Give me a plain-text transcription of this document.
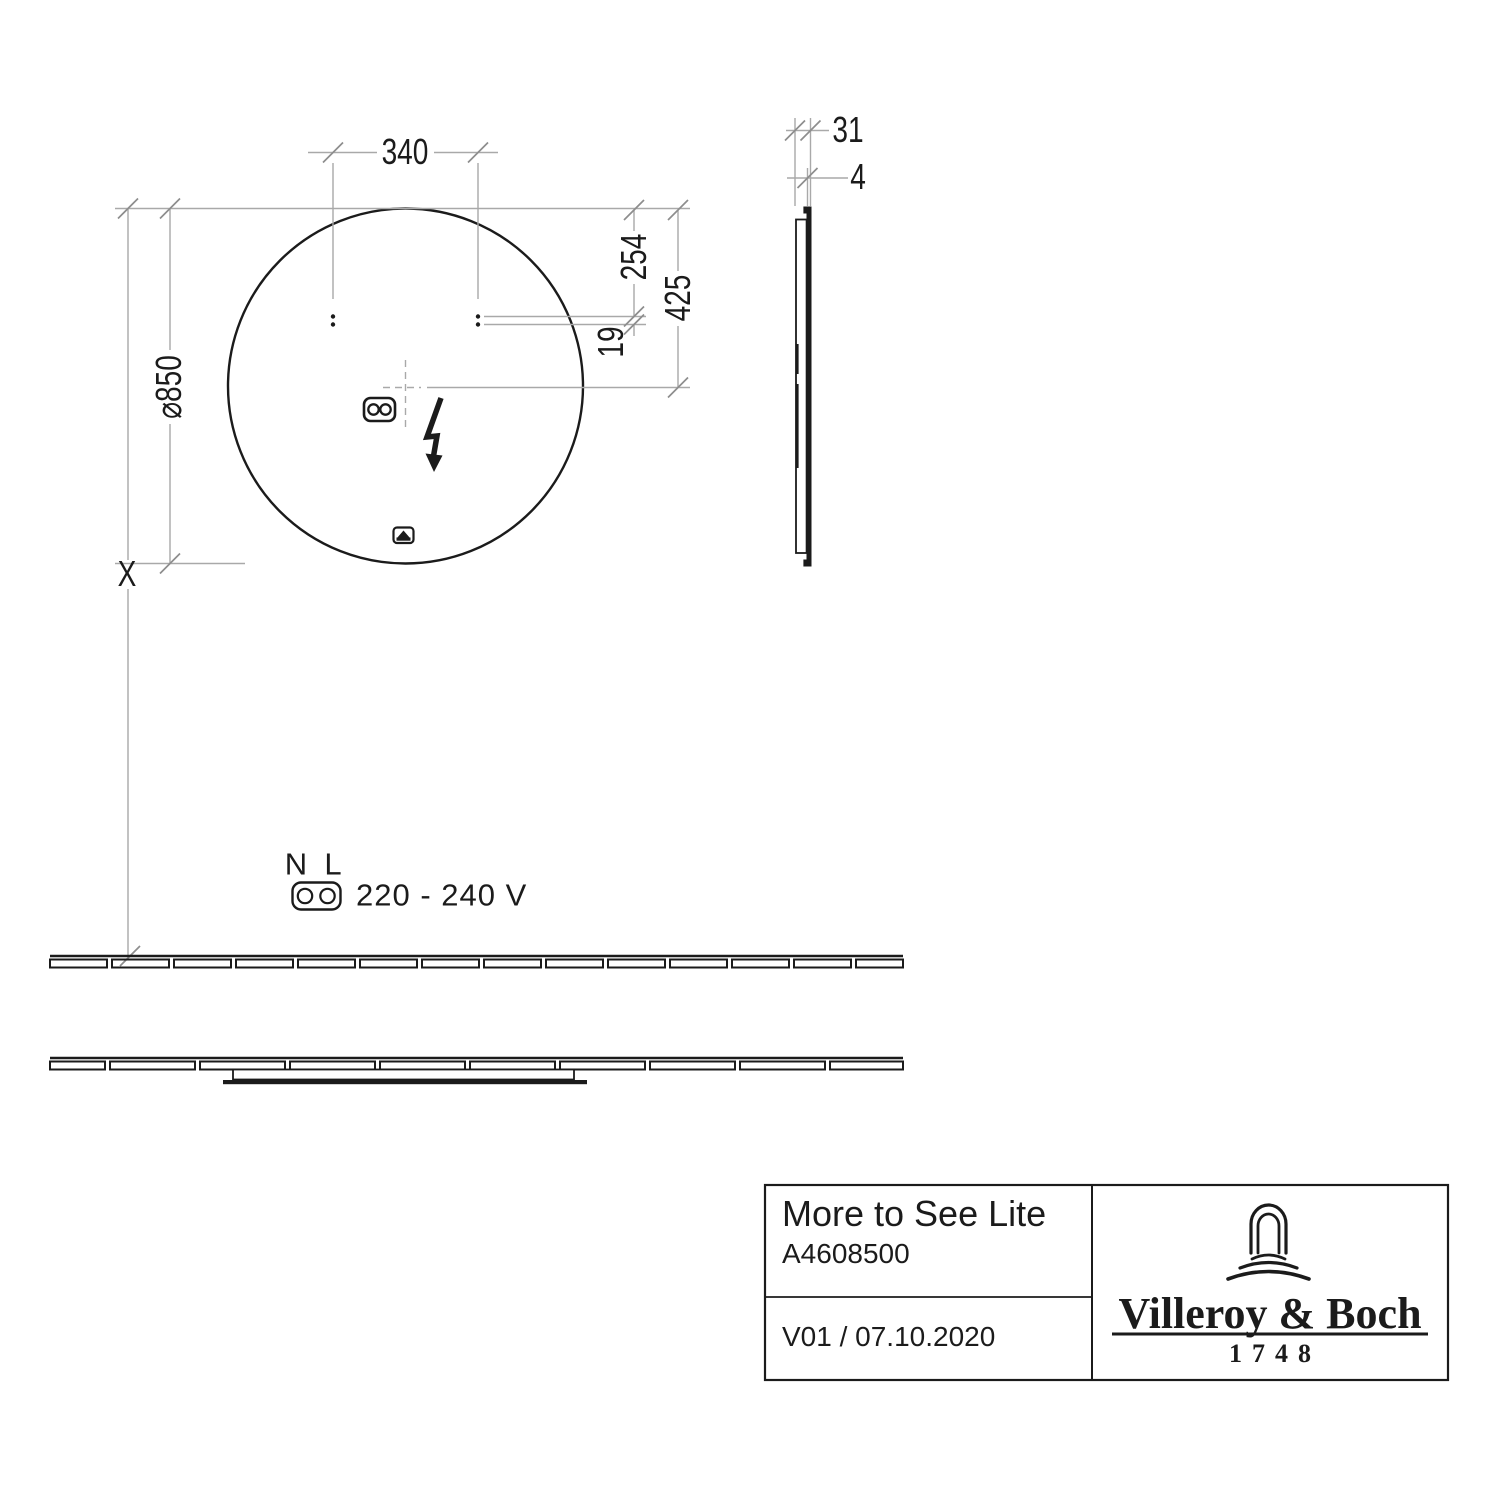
340
254
425
19
⌀850
X
31
4
N L
220 - 240 V
More to See Lite
A4608500
V01 / 07.10.2020	Villeroy & Boch
1748
